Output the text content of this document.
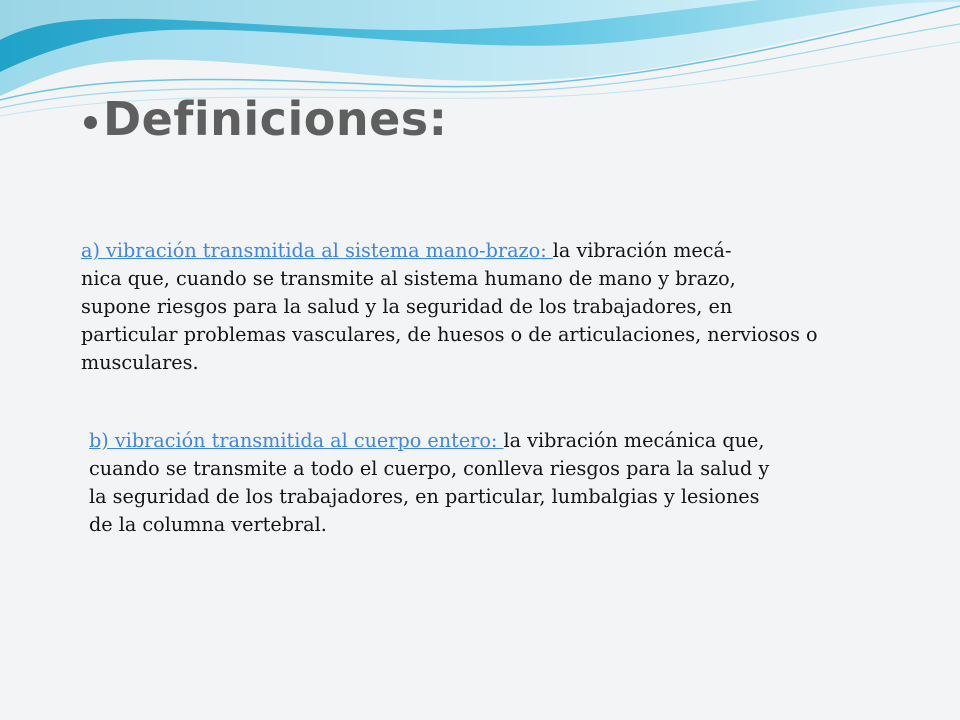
Definiciones:

a) vibración transmitida al sistema mano-brazo: la vibración mecá-
nica que, cuando se transmite al sistema humano de mano y brazo,
supone riesgos para la salud y la seguridad de los trabajadores, en
particular problemas vasculares, de huesos o de articulaciones, nerviosos o
musculares.

b) vibración transmitida al cuerpo entero: la vibración mecánica que,
cuando se transmite a todo el cuerpo, conlleva riesgos para la salud y
la seguridad de los trabajadores, en particular, lumbalgias y lesiones
de la columna vertebral.
